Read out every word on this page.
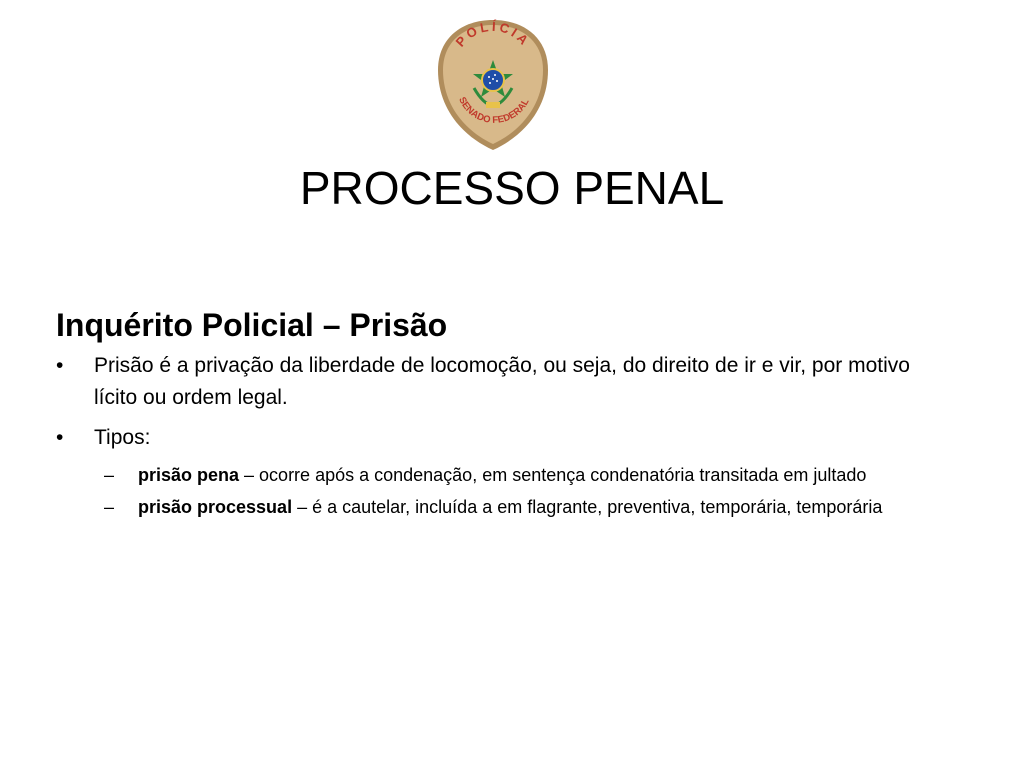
POLÍCIA
SENADO FEDERAL
PROCESSO PENAL
Inquérito Policial – Prisão

• Prisão é a privação da liberdade de locomoção, ou seja, do direito de ir e vir, por motivo lícito ou ordem legal.

• Tipos:

– prisão pena – ocorre após a condenação, em sentença condenatória transitada em jultado

– prisão processual – é a cautelar, incluída a em flagrante, preventiva, temporária, temporária
